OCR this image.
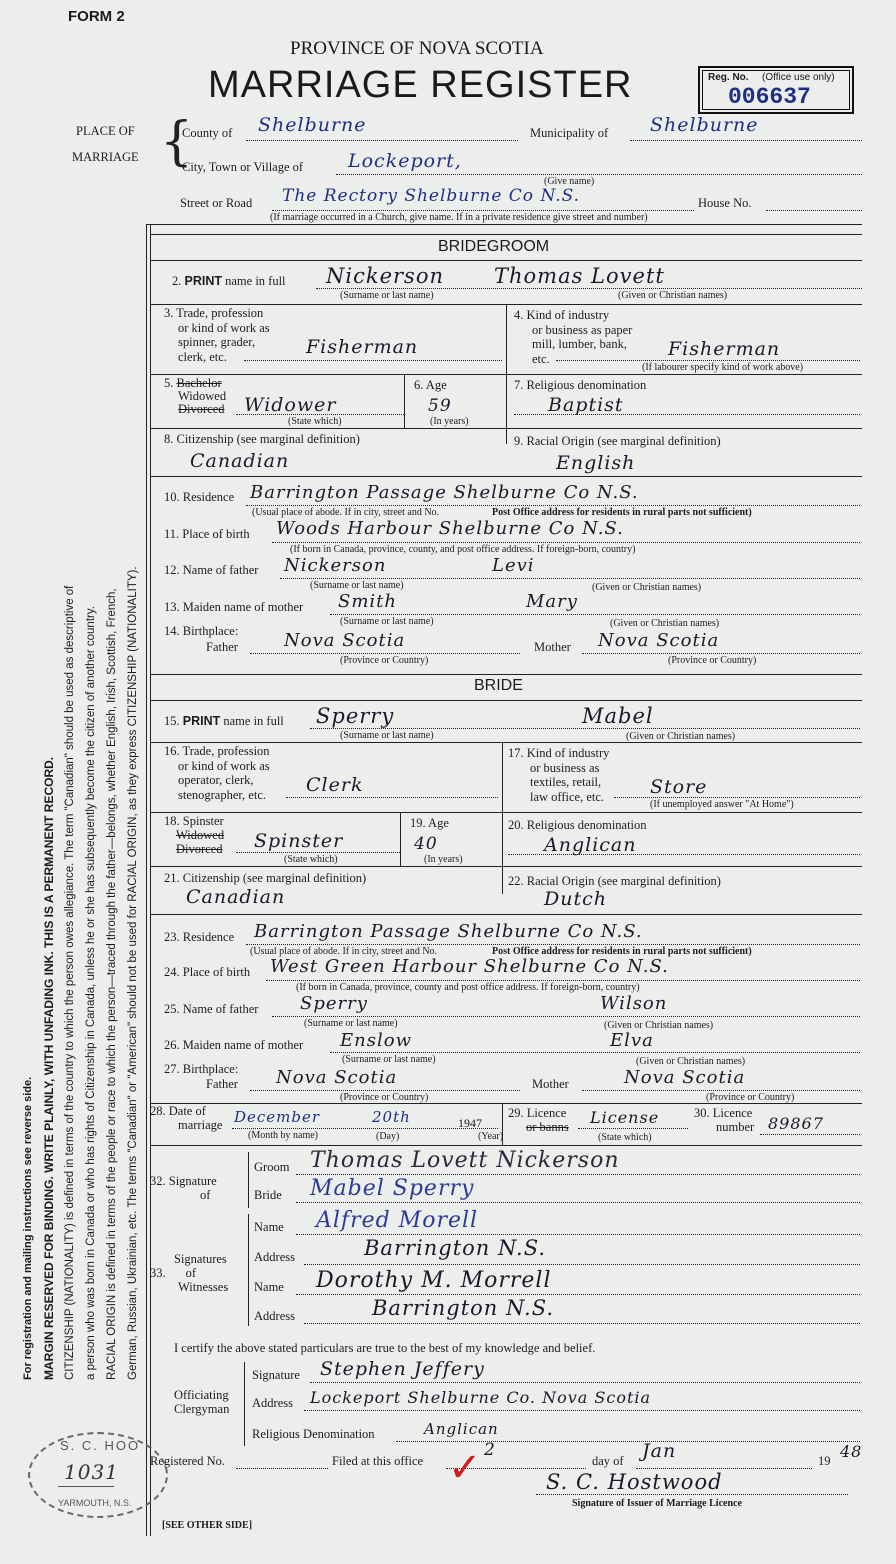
FORM 2
PROVINCE OF NOVA SCOTIA
MARRIAGE REGISTER	Reg. No. (Office use only)
006637
PLACE OF
MARRIAGE {
County of Shelburne	Municipality of Shelburne
City, Town or Village of Lockeport,
(Give name)
Street or Road The Rectory Shelburne Co N.S.	House No.
(If marriage occurred in a Church, give name. If in a private residence give street and number)
For registration and mailing instructions see reverse side. MARGIN RESERVED FOR BINDING. WRITE PLAINLY, WITH UNFADING INK. THIS IS A PERMANENT RECORD. CITIZENSHIP (NATIONALITY) is defined in terms of the country to which the person owes allegiance. The term "Canadian" should be used as descriptive of a person who was born in Canada or who has rights of Citizenship in Canada, unless he or she has subsequently become the citizen of another country. RACIAL ORIGIN is defined in terms of the people or race to which the person—traced through the father—belongs, whether English, Irish, Scottish, French, German, Russian, Ukrainian, etc. The terms "Canadian" or "American" should not be used for RACIAL ORIGIN, as they express CITIZENSHIP (NATIONALITY).
BRIDEGROOM
2. PRINT name in full Nickerson Thomas Lovett
(Surname or last name)	(Given or Christian names)
3. Trade, profession
or kind of work as
spinner, grader,
clerk, etc.	Fisherman
4. Kind of industry
or business as paper
mill, lumber, bank,
etc.	Fisherman
(If labourer specify kind of work above)
5. Bachelor
Widowed
Divorced Widower
(State which)
6. Age
59
(In years)
7. Religious denomination
Baptist
8. Citizenship (see marginal definition)
Canadian
9. Racial Origin (see marginal definition)
English
10. Residence Barrington Passage Shelburne Co N.S.
(Usual place of abode. If in city, street and No.	Post Office address for residents in rural parts not sufficient)
11. Place of birth Woods Harbour Shelburne Co N.S.
(If born in Canada, province, county, and post office address. If foreign-born, country)
12. Name of father Nickerson	Levi
(Surname or last name)	(Given or Christian names)
13. Maiden name of mother Smith	Mary
(Surname or last name)	(Given or Christian names)
14. Birthplace:
Father	Nova Scotia
(Province or Country)
Mother Nova Scotia
(Province or Country)
BRIDE
15. PRINT name in full Sperry	Mabel
(Surname or last name)	(Given or Christian names)
16. Trade, profession
or kind of work as
operator, clerk,
stenographer, etc. Clerk
17. Kind of industry
or business as
textiles, retail,
law office, etc. Store
(If unemployed answer "At Home")
18. Spinster
Widowed
Divorced Spinster
(State which)
19. Age
40
(In years)
20. Religious denomination
Anglican
21. Citizenship (see marginal definition)
Canadian
22. Racial Origin (see marginal definition)
Dutch
23. Residence Barrington Passage Shelburne Co N.S.
(Usual place of abode. If in city, street and No.	Post Office address for residents in rural parts not sufficient)
24. Place of birth West Green Harbour Shelburne Co N.S.
(If born in Canada, province, county and post office address. If foreign-born, country)
25. Name of father Sperry	Wilson
(Surname or last name)	(Given or Christian names)
26. Maiden name of mother Enslow	Elva
(Surname or last name)	(Given or Christian names)
27. Birthplace:
Father Nova Scotia
(Province or Country)
Mother	Nova Scotia
(Province or Country)
28. Date of
marriage December	20th	1947
(Month by name)	(Day)	(Year)
29. Licence
or banns License
(State which)
30. Licence
number 89867
32. Signature
of
Groom Thomas Lovett Nickerson
Bride Mabel Sperry
Signatures
33. of
Witnesses
Name Alfred Morell
Address	Barrington N.S.
Name Dorothy M. Morrell
Address	Barrington N.S.
I certify the above stated particulars are true to the best of my knowledge and belief.
Officiating
Clergyman
Signature Stephen Jeffery
Address Lockeport Shelburne Co. Nova Scotia
Religious Denomination	Anglican
Registered No.	Filed at this office
2
✓	day of Jan	19 48
S. C. Hostwood
Signature of Issuer of Marriage Licence
S. C. HOO
1031
YARMOUTH, N.S.
[SEE OTHER SIDE]
